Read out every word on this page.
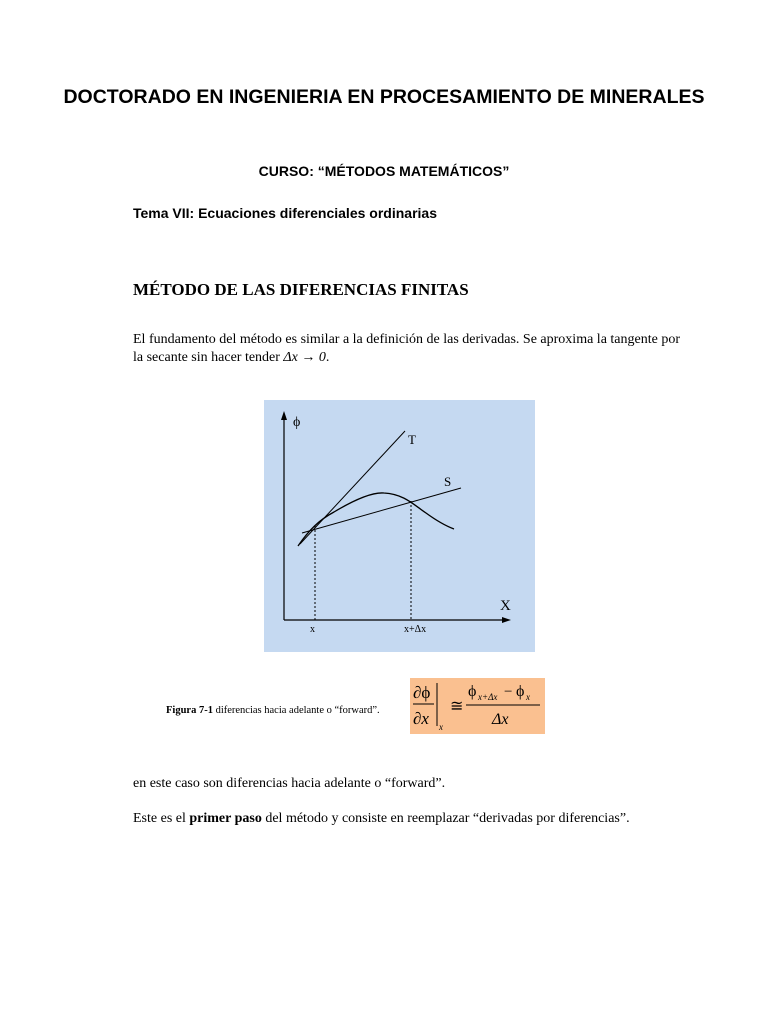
DOCTORADO EN INGENIERIA EN PROCESAMIENTO DE MINERALES
CURSO: “MÉTODOS MATEMÁTICOS”
Tema VII: Ecuaciones diferenciales ordinarias
MÉTODO DE LAS DIFERENCIAS FINITAS
El fundamento del método es similar a la definición de las derivadas. Se aproxima la tangente por la secante sin hacer tender Δx → 0.
ϕ
T
S
X
x	x+Δx
Figura 7-1 diferencias hacia adelante o “forward”.
∂ϕ
∂x x
≅
ϕ x+Δx − ϕ x
Δx
en este caso son diferencias hacia adelante o “forward”.
Este es el primer paso del método y consiste en reemplazar “derivadas por diferencias”.
